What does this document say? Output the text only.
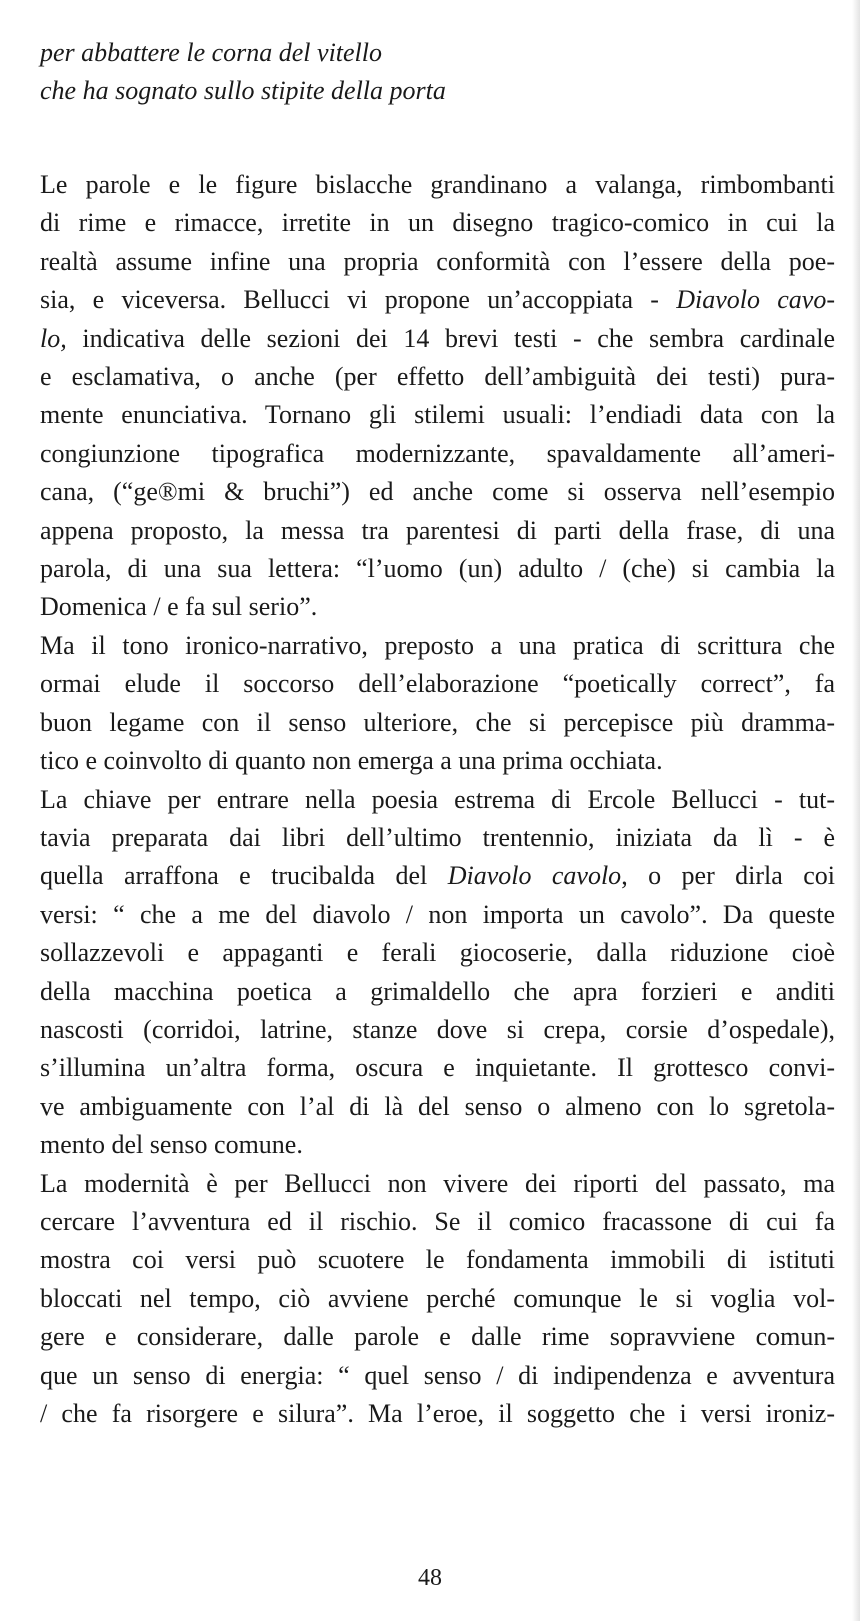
per abbattere le corna del vitello
che ha sognato sullo stipite della porta
Le parole e le figure bislacche grandinano a valanga, rimbombanti
di rime e rimacce, irretite in un disegno tragico-comico in cui la
realtà assume infine una propria conformità con l’essere della poe-
sia, e viceversa. Bellucci vi propone un’accoppiata - Diavolo cavo-
lo, indicativa delle sezioni dei 14 brevi testi - che sembra cardinale
e esclamativa, o anche (per effetto dell’ambiguità dei testi) pura-
mente enunciativa. Tornano gli stilemi usuali: l’endiadi data con la
congiunzione tipografica modernizzante, spavaldamente all’ameri-
cana, (“ge®mi & bruchi”) ed anche come si osserva nell’esempio
appena proposto, la messa tra parentesi di parti della frase, di una
parola, di una sua lettera: “l’uomo (un) adulto / (che) si cambia la
Domenica / e fa sul serio”.
Ma il tono ironico-narrativo, preposto a una pratica di scrittura che
ormai elude il soccorso dell’elaborazione “poetically correct”, fa
buon legame con il senso ulteriore, che si percepisce più dramma-
tico e coinvolto di quanto non emerga a una prima occhiata.
La chiave per entrare nella poesia estrema di Ercole Bellucci - tut-
tavia preparata dai libri dell’ultimo trentennio, iniziata da lì - è
quella arraffona e trucibalda del Diavolo cavolo, o per dirla coi
versi: “ che a me del diavolo / non importa un cavolo”. Da queste
sollazzevoli e appaganti e ferali giocoserie, dalla riduzione cioè
della macchina poetica a grimaldello che apra forzieri e anditi
nascosti (corridoi, latrine, stanze dove si crepa, corsie d’ospedale),
s’illumina un’altra forma, oscura e inquietante. Il grottesco convi-
ve ambiguamente con l’al di là del senso o almeno con lo sgretola-
mento del senso comune.
La modernità è per Bellucci non vivere dei riporti del passato, ma
cercare l’avventura ed il rischio. Se il comico fracassone di cui fa
mostra coi versi può scuotere le fondamenta immobili di istituti
bloccati nel tempo, ciò avviene perché comunque le si voglia vol-
gere e considerare, dalle parole e dalle rime sopravviene comun-
que un senso di energia: “ quel senso / di indipendenza e avventura
/ che fa risorgere e silura”. Ma l’eroe, il soggetto che i versi ironiz-
48
